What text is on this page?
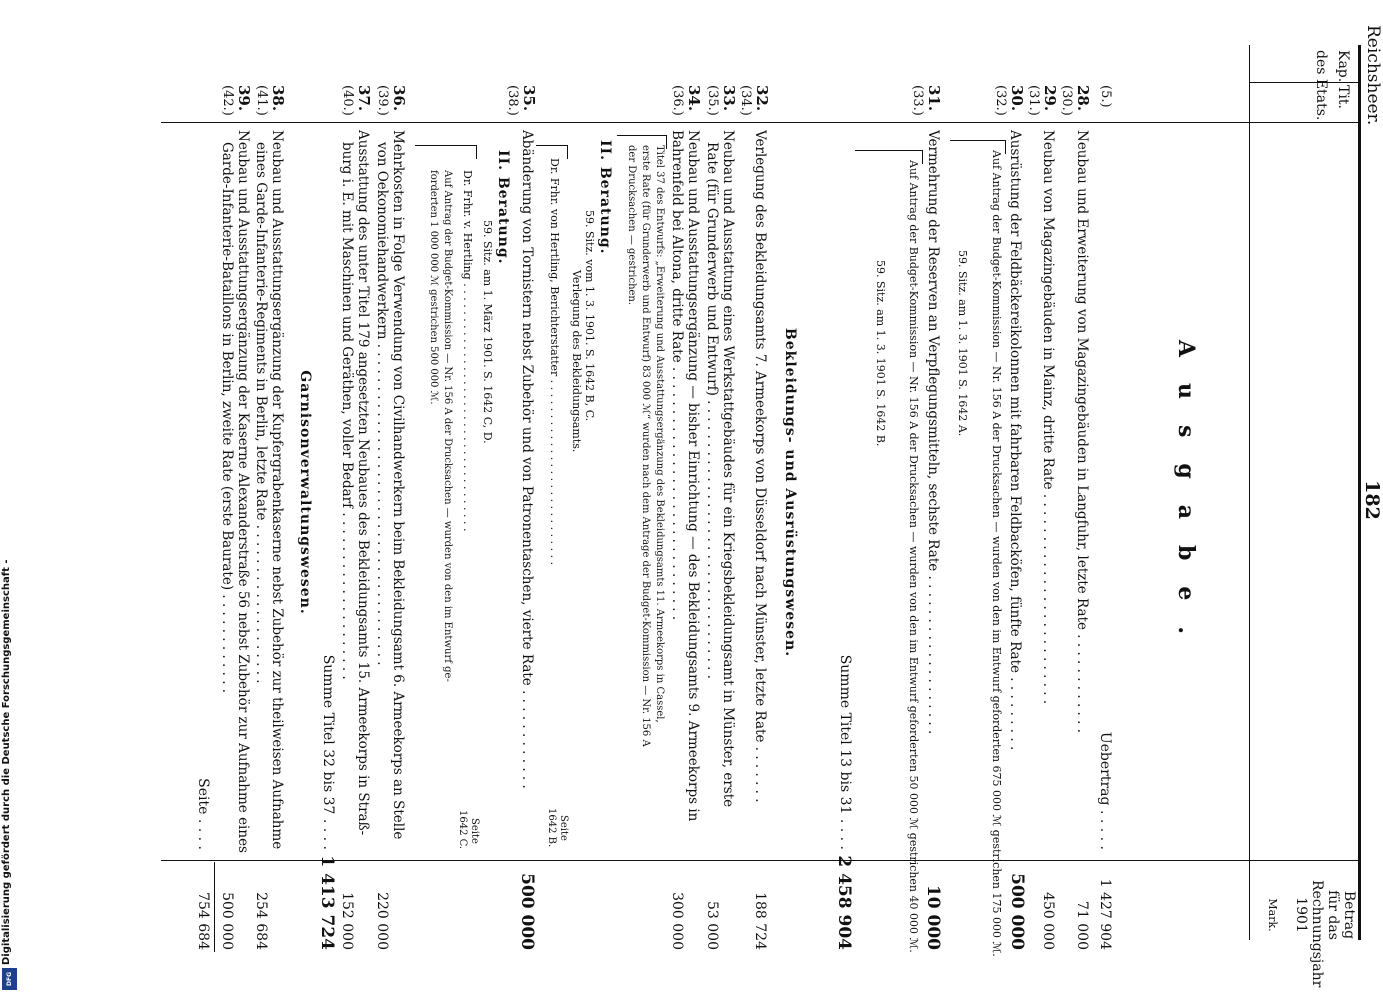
Digitalisierung gefördert durch die Deutsche Forschungsgemeinschaft -
DFG
Reichsheer.
182
Kap.
Tit.
des Etats.
Betrag für das Rechnungsjahr 1901
Mark.
Ausgabe.
(5.)
Uebertrag . . . . .
1 427 904
28.
(30.)
Neubau und Erweiterung von Magazingebäuden in Langfuhr, letzte Rate . . . . . . . . . . . .
71 000
29.
(31.)
Neubau von Magazingebäuden in Mainz, dritte Rate . . . . . . . . . . . . . . . . . . . . . . . . .
450 000
30.
(32.)
Ausrüstung der Feldbäckereikolonnen mit fahrbaren Feldbacköfen, fünfte Rate . . . . . . . . .
500 000
Auf Antrag der Budget-Kommission — Nr. 156 A der Drucksachen — wurden von den im Entwurf geforderten 675 000 ℳ gestrichen 175 000 ℳ.
59. Sitz. am 1. 3. 1901 S. 1642 A.
31.
(33.)
Vermehrung der Reserven an Verpflegungsmitteln, sechste Rate . . . . . . . . . . . . . . . . . . .
10 000
Auf Antrag der Budget-Kommission — Nr. 156 A der Drucksachen — wurden von den im Entwurf geforderten 50 000 ℳ gestrichen 40 000 ℳ.
59. Sitz. am 1. 3. 1901 S. 1642 B.
Summe Titel 13 bis 31 . . . .
2 458 904
Bekleidungs- und Ausrüstungswesen.
32.
(34.)
Verlegung des Bekleidungsamts 7. Armeekorps von Düsseldorf nach Münster, letzte Rate . . . . . . .
188 724
33.
(35.)
Neubau und Ausstattung eines Werkstattgebäudes für ein Kriegsbekleidungsamt in Münster, erste
Rate (für Grunderwerb und Entwurf) . . . . . . . . . . . . . . . . . . . . . . . . . . . . . . . . .
53 000
34.
(36.)
Neubau und Ausstattungsergänzung — bisher Einrichtung — des Bekleidungsamts 9. Armeekorps in
Bahrenfeld bei Altona, dritte Rate . . . . . . . . . . . . . . . . . . . . . . . . . . . . . .
300 000
Titel 37 des Entwurfs: „Erweiterung und Ausstattungsergänzung des Bekleidungsamts 11. Armeekorps in Cassel,
erste Rate (für Grunderwerb und Entwurf) 83 000 ℳ“ wurden nach dem Antrage der Budget-Kommission — Nr. 156 A
der Drucksachen — gestrichen.
II. Beratung.
59. Sitz. vom 1. 3. 1901. S. 1642 B, C.
Verlegung des Bekleidungsamts.
Dr. Frhr. von Hertling, Berichterstatter . . . . . . . . . . . . . . . . . . . . . . . . . . .
Seite
1642 B.
35.
(38.)
Abänderung von Tornistern nebst Zubehör und von Patronentaschen, vierte Rate . . . . . . . . . . . .
500 000
II. Beratung.
59. Sitz. am 1. März 1901. S. 1642 C, D.
Dr. Frhr. v. Hertling . . . . . . . . . . . . . . . . . . . . . . . . . . . . . . . . . . . .
Seite
1642 C.
Auf Antrag der Budget-Kommission — Nr. 156 A der Drucksachen — wurden von den im Entwurf ge-
forderten 1 000 000 ℳ gestrichen 500 000 ℳ.
36.
(39.)
Mehrkosten in Folge Verwendung von Civilhandwerkern beim Bekleidungsamt 6. Armeekorps an Stelle
von Oekonomiehandwerkern . . . . . . . . . . . . . . . . . . . . . . . . . . . . . . . . . . . . . .
220 000
37.
(40.)
Ausstattung des unter Titel 179 angesetzten Neubaues des Bekleidungsamts 15. Armeekorps in Straß-
burg i. E. mit Maschinen und Geräthen, voller Bedarf . . . . . . . . . . . . . . . . . . . .
152 000
Summe Titel 32 bis 37 . . . .
1 413 724
Garnisonverwaltungswesen.
38.
(41.)
Neubau und Ausstattungsergänzung der Kupfergrabenkaserne nebst Zubehör zur theilweisen Aufnahme
eines Garde-Infanterie-Regiments in Berlin, letzte Rate . . . . . . . . . . . . . . . . . . .
254 684
39.
(42.)
Neubau und Ausstattungsergänzung der Kaserne Alexanderstraße 56 nebst Zubehör zur Aufnahme eines
Garde-Infanterie-Bataillons in Berlin, zweite Rate (erste Baurate) . . . . . . . . . . . .
500 000
Seite . . . .
754 684
